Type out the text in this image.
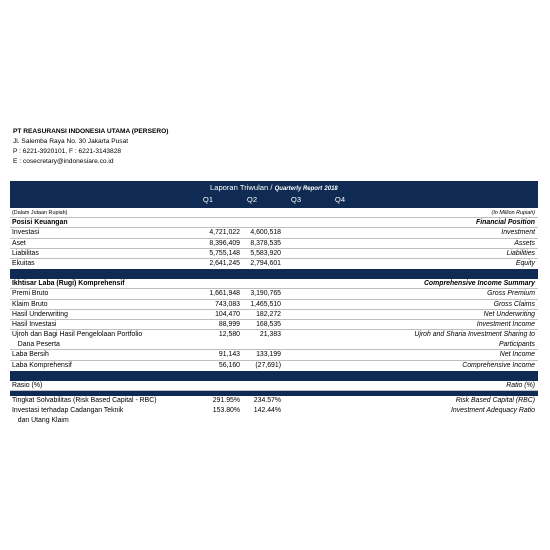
PT REASURANSI INDONESIA UTAMA (PERSERO)
Jl. Salemba Raya No. 30 Jakarta Pusat
P : 6221-3920101, F : 6221-3143828
E : cosecretary@indonesiare.co.id
Laporan Triwulan / Quarterly Report 2018
Q1	Q2	Q3	Q4
(Dalam Jutaan Rupiah)	(In Million Rupiah)
Posisi Keuangan	Financial Position
Investasi	4,721,022 4,600,518	Investment
Aset	8,396,409 8,378,535	Assets
Liabilitas	5,755,148 5,583,920	Liabilities
Ekuitas	2,641,245 2,794,601	Equity
Ikhtisar Laba (Rugi) Komprehensif	Comprehensive Income Summary
Premi Bruto	1,661,948 3,190,765	Gross Premium
Klaim Bruto	743,083 1,465,510	Gross Claims
Hasil Underwriting	104,470 182,272	Net Underwriting
Hasil Investasi	88,999 168,535	Investment Income
Ujroh dan Bagi Hasil Pengelolaan Portfolio
Dana Peserta
12,580	21,383	Ujroh and Sharia Investment Sharing to
Participants
Laba Bersih	91,143 133,199	Net Income
Laba Komprehensif	56,160 (27,691)	Comprehensive Income
Rasio (%)	Ratio (%)
Tingkat Solvabilitas (Risk Based Capital - RBC)	291.95% 234.57%	Risk Based Capital (RBC)
Investasi terhadap Cadangan Teknik
dan Utang Klaim
153.80% 142.44%	Investment Adequacy Ratio
